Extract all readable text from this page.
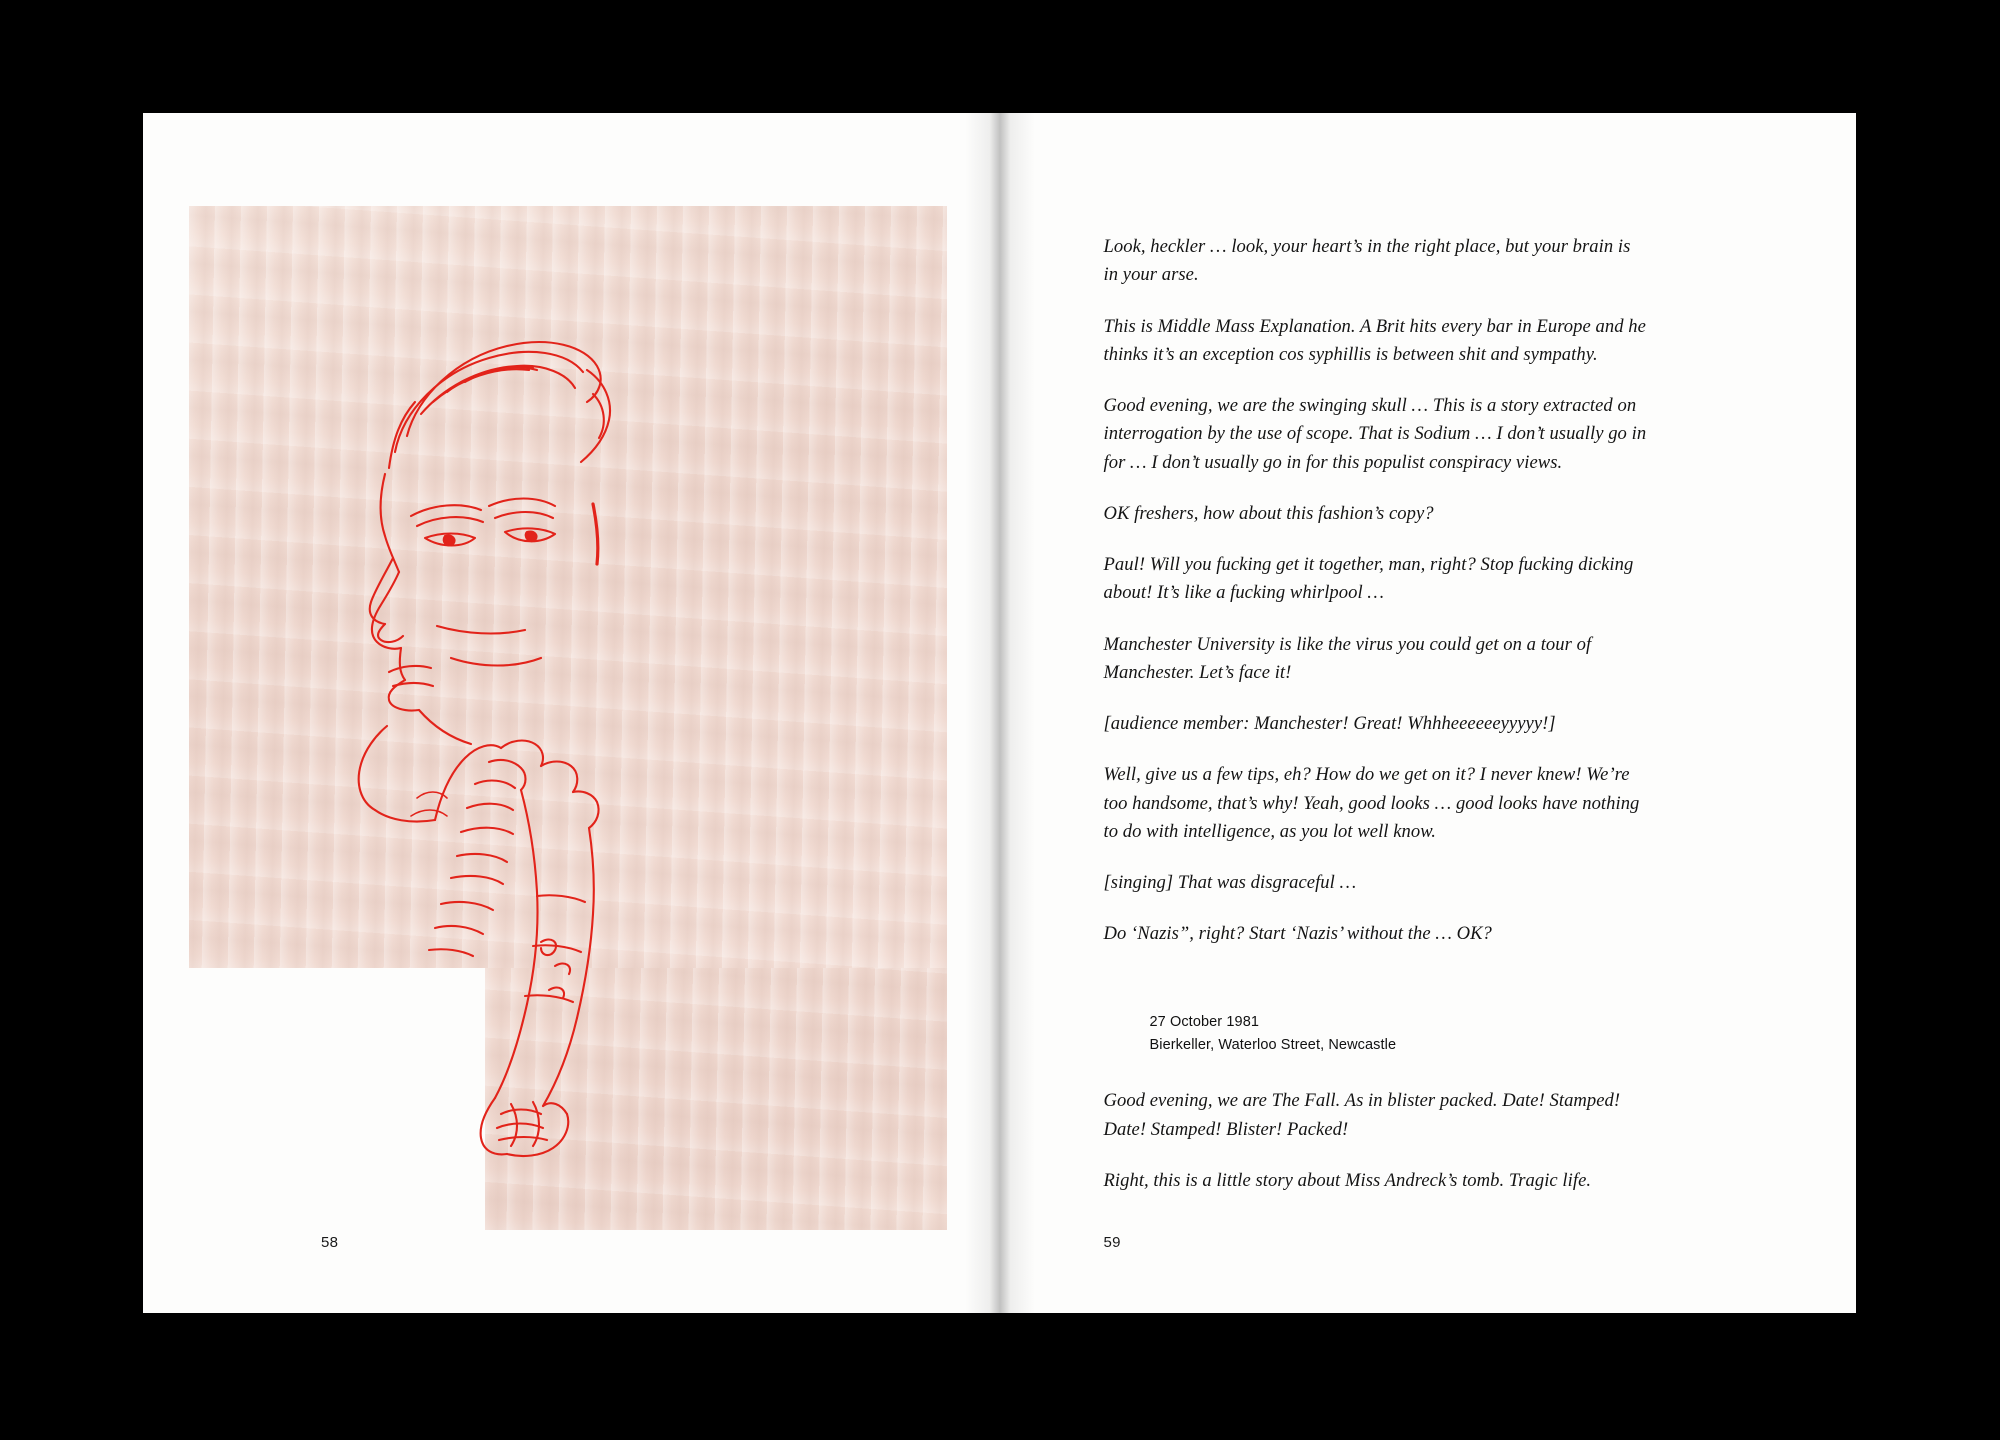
58

Look, heckler … look, your heart’s in the right place, but your brain is in your arse.

This is Middle Mass Explanation. A Brit hits every bar in Europe and he thinks it’s an exception cos syphillis is between shit and sympathy.

Good evening, we are the swinging skull … This is a story extracted on interrogation by the use of scope. That is Sodium … I don’t usually go in for … I don’t usually go in for this populist conspiracy views.

OK freshers, how about this fashion’s copy?

Paul! Will you fucking get it together, man, right? Stop fucking dicking about! It’s like a fucking whirlpool …

Manchester University is like the virus you could get on a tour of Manchester. Let’s face it!

[audience member: Manchester! Great! Whhheeeeeeyyyyy!]

Well, give us a few tips, eh? How do we get on it? I never knew! We’re too handsome, that’s why! Yeah, good looks … good looks have nothing to do with intelligence, as you lot well know.

[singing] That was disgraceful …

Do ‘Nazis”, right? Start ‘Nazis’ without the … OK?

27 October 1981
Bierkeller, Waterloo Street, Newcastle

Good evening, we are The Fall. As in blister packed. Date! Stamped! Date! Stamped! Blister! Packed!

Right, this is a little story about Miss Andreck’s tomb. Tragic life.

59
